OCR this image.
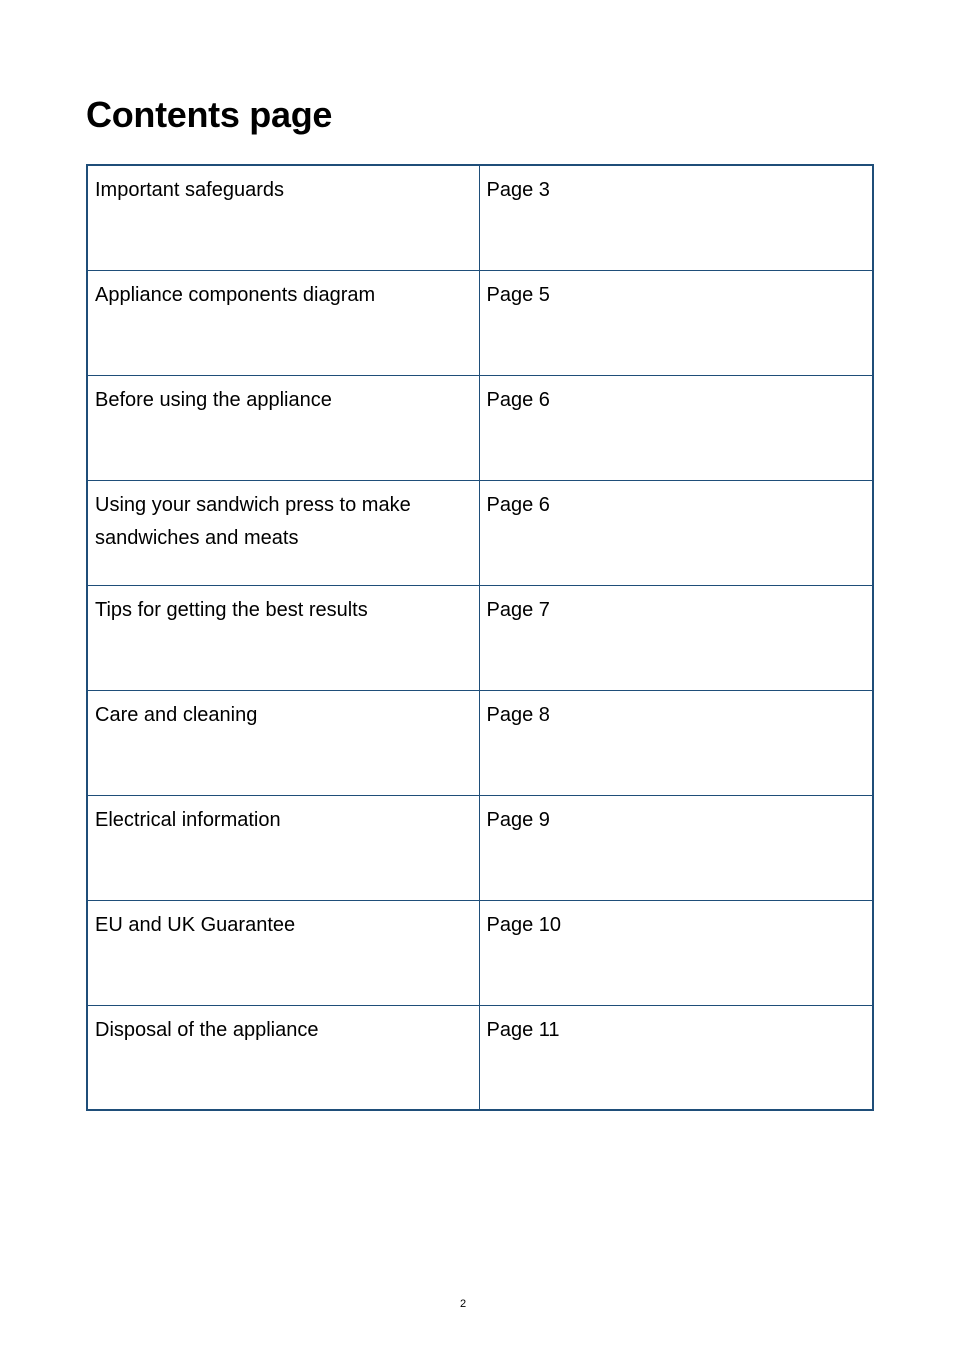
Contents page
Important safeguards	Page 3
Appliance components diagram	Page 5
Before using the appliance	Page 6
Using your sandwich press to make sandwiches and meats	Page 6
Tips for getting the best results	Page 7
Care and cleaning	Page 8
Electrical information	Page 9
EU and UK Guarantee	Page 10
Disposal of the appliance	Page 11
2
